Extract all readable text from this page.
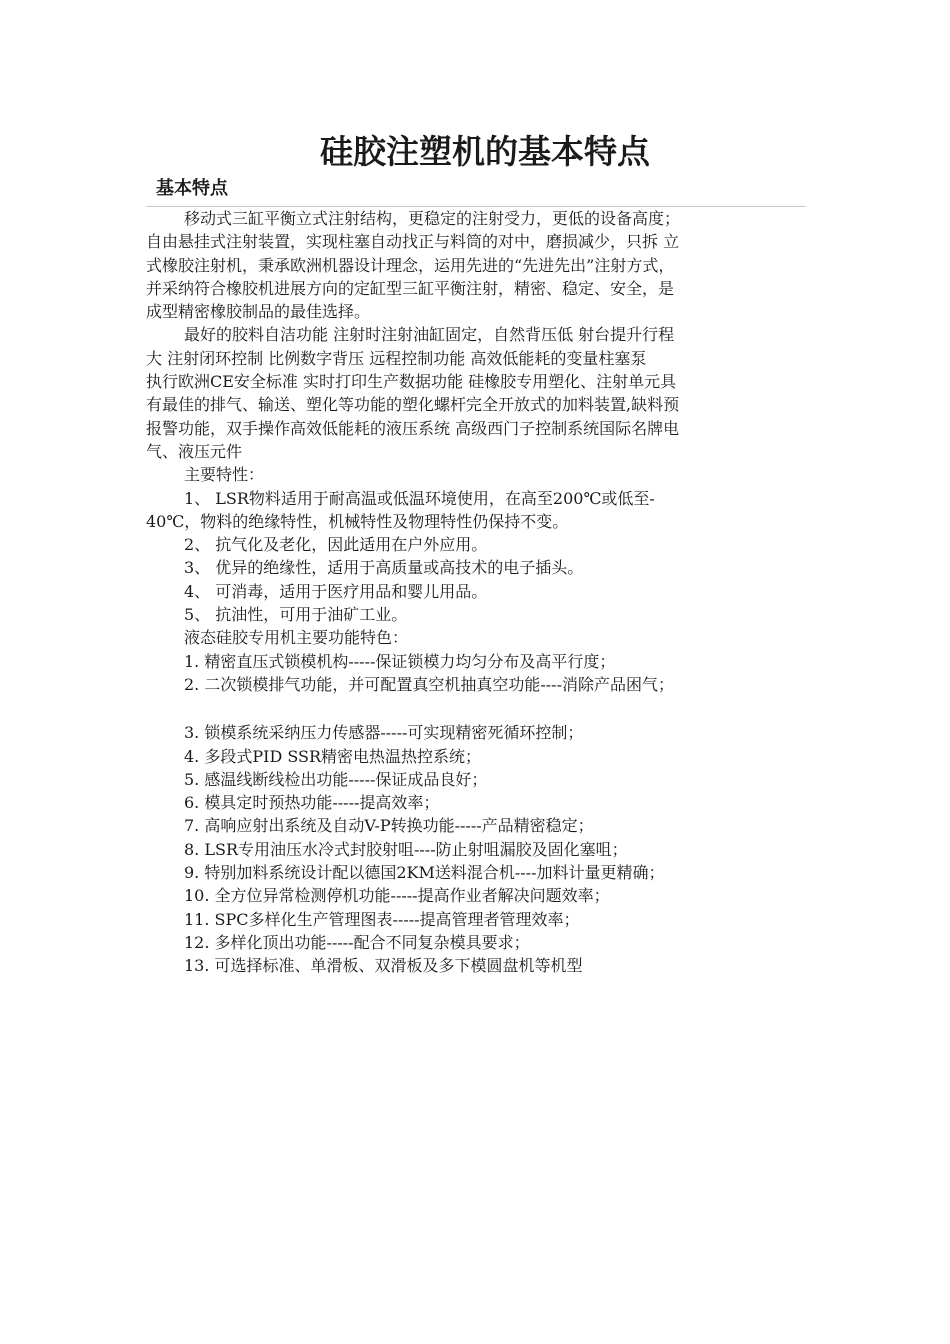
硅胶注塑机的基本特点
基本特点
移动式三缸平衡立式注射结构，更稳定的注射受力，更低的设备高度；
自由悬挂式注射装置，实现柱塞自动找正与料筒的对中，磨损减少，只拆 立
式橡胶注射机，秉承欧洲机器设计理念，运用先进的“先进先出”注射方式，
并采纳符合橡胶机进展方向的定缸型三缸平衡注射，精密、稳定、安全，是
成型精密橡胶制品的最佳选择。
最好的胶料自洁功能 注射时注射油缸固定，自然背压低 射台提升行程
大 注射闭环控制 比例数字背压 远程控制功能 高效低能耗的变量柱塞泵
执行欧洲CE安全标准 实时打印生产数据功能 硅橡胶专用塑化、注射单元具
有最佳的排气、输送、塑化等功能的塑化螺杆完全开放式的加料装置,缺料预
报警功能，双手操作高效低能耗的液压系统 高级西门子控制系统国际名牌电
气、液压元件
主要特性：
1、 LSR物料适用于耐高温或低温环境使用，在高至200℃或低至-
40℃，物料的绝缘特性，机械特性及物理特性仍保持不变。
2、 抗气化及老化，因此适用在户外应用。
3、 优异的绝缘性，适用于高质量或高技术的电子插头。
4、 可消毒，适用于医疗用品和婴儿用品。
5、 抗油性，可用于油矿工业。
液态硅胶专用机主要功能特色：
1. 精密直压式锁模机构-----保证锁模力均匀分布及高平行度；
2. 二次锁模排气功能，并可配置真空机抽真空功能----消除产品困气；
3. 锁模系统采纳压力传感器-----可实现精密死循环控制；
4. 多段式PID SSR精密电热温热控系统；
5. 感温线断线检出功能-----保证成品良好；
6. 模具定时预热功能-----提高效率；
7. 高响应射出系统及自动V-P转换功能-----产品精密稳定；
8. LSR专用油压水冷式封胶射咀----防止射咀漏胶及固化塞咀；
9. 特别加料系统设计配以德国2KM送料混合机----加料计量更精确；
10. 全方位异常检测停机功能-----提高作业者解决问题效率；
11. SPC多样化生产管理图表-----提高管理者管理效率；
12. 多样化顶出功能-----配合不同复杂模具要求；
13. 可选择标准、单滑板、双滑板及多下模圆盘机等机型
